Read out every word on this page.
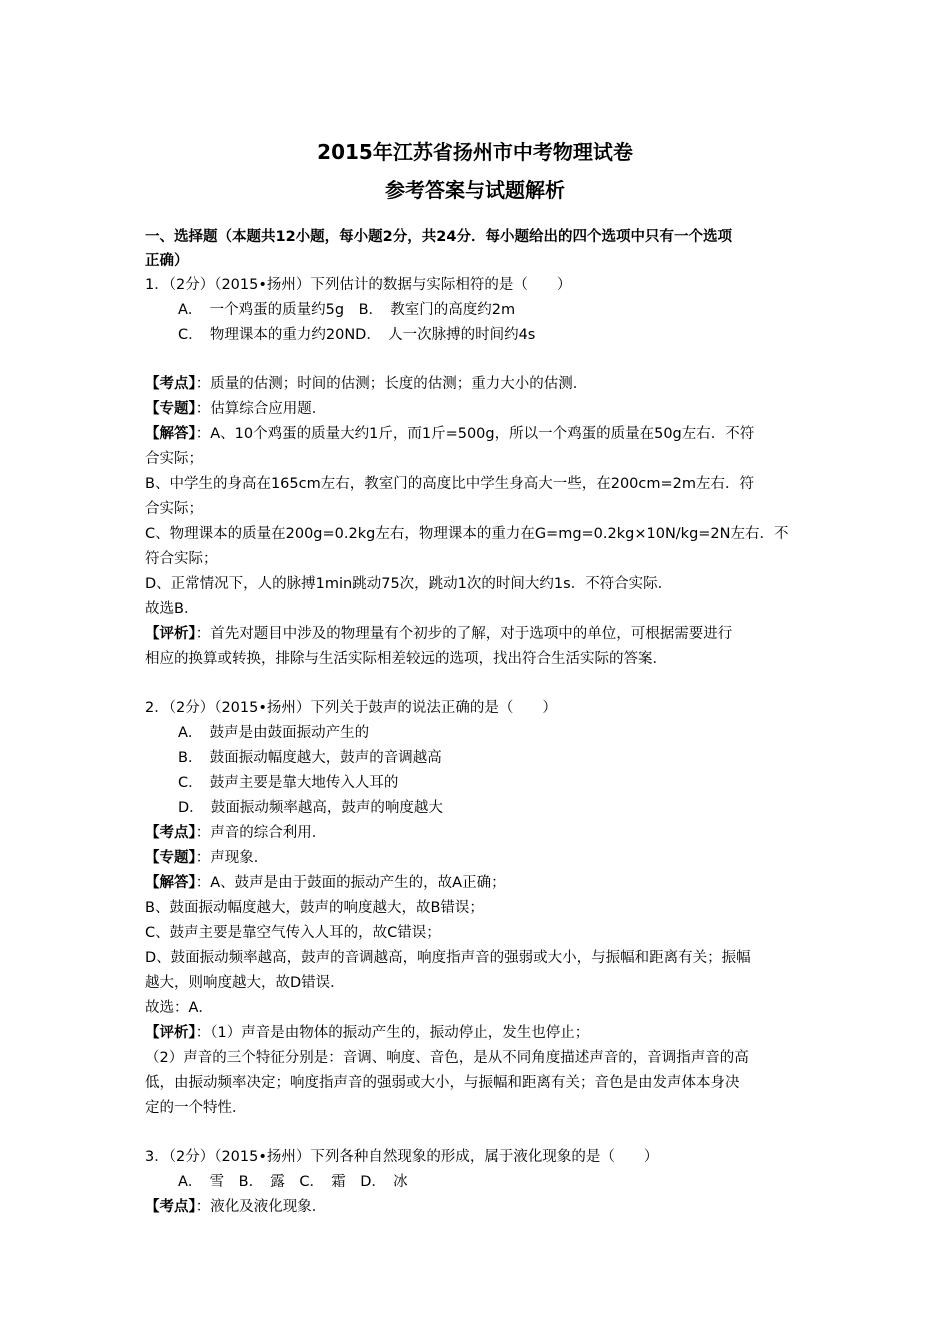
2015年江苏省扬州市中考物理试卷
参考答案与试题解析
一、选择题（本题共12小题，每小题2分，共24分．每小题给出的四个选项中只有一个选项
正确）
1．（2分）（2015•扬州）下列估计的数据与实际相符的是（　　）
A．　一个鸡蛋的质量约5g　B．　教室门的高度约2m
C．　物理课本的重力约20ND．　人一次脉搏的时间约4s
【考点】：质量的估测；时间的估测；长度的估测；重力大小的估测．
【专题】：估算综合应用题．
【解答】：A、10个鸡蛋的质量大约1斤，而1斤=500g，所以一个鸡蛋的质量在50g左右．不符
合实际；
B、中学生的身高在165cm左右，教室门的高度比中学生身高大一些，在200cm=2m左右．符
合实际；
C、物理课本的质量在200g=0.2kg左右，物理课本的重力在G=mg=0.2kg×10N/kg=2N左右．不
符合实际；
D、正常情况下，人的脉搏1min跳动75次，跳动1次的时间大约1s．不符合实际．
故选B．
【评析】：首先对题目中涉及的物理量有个初步的了解，对于选项中的单位，可根据需要进行
相应的换算或转换，排除与生活实际相差较远的选项，找出符合生活实际的答案．
2．（2分）（2015•扬州）下列关于鼓声的说法正确的是（　　）
A．　鼓声是由鼓面振动产生的
B．　鼓面振动幅度越大，鼓声的音调越高
C．　鼓声主要是靠大地传入人耳的
D．　鼓面振动频率越高，鼓声的响度越大
【考点】：声音的综合利用．
【专题】：声现象．
【解答】：A、鼓声是由于鼓面的振动产生的，故A正确；
B、鼓面振动幅度越大，鼓声的响度越大，故B错误；
C、鼓声主要是靠空气传入人耳的，故C错误；
D、鼓面振动频率越高，鼓声的音调越高，响度指声音的强弱或大小，与振幅和距离有关；振幅
越大，则响度越大，故D错误．
故选：A．
【评析】：（1）声音是由物体的振动产生的，振动停止，发生也停止；
（2）声音的三个特征分别是：音调、响度、音色，是从不同角度描述声音的，音调指声音的高
低，由振动频率决定；响度指声音的强弱或大小，与振幅和距离有关；音色是由发声体本身决
定的一个特性．
3．（2分）（2015•扬州）下列各种自然现象的形成，属于液化现象的是（　　）
A．　雪　B．　露　C．　霜　D．　冰
【考点】：液化及液化现象．
